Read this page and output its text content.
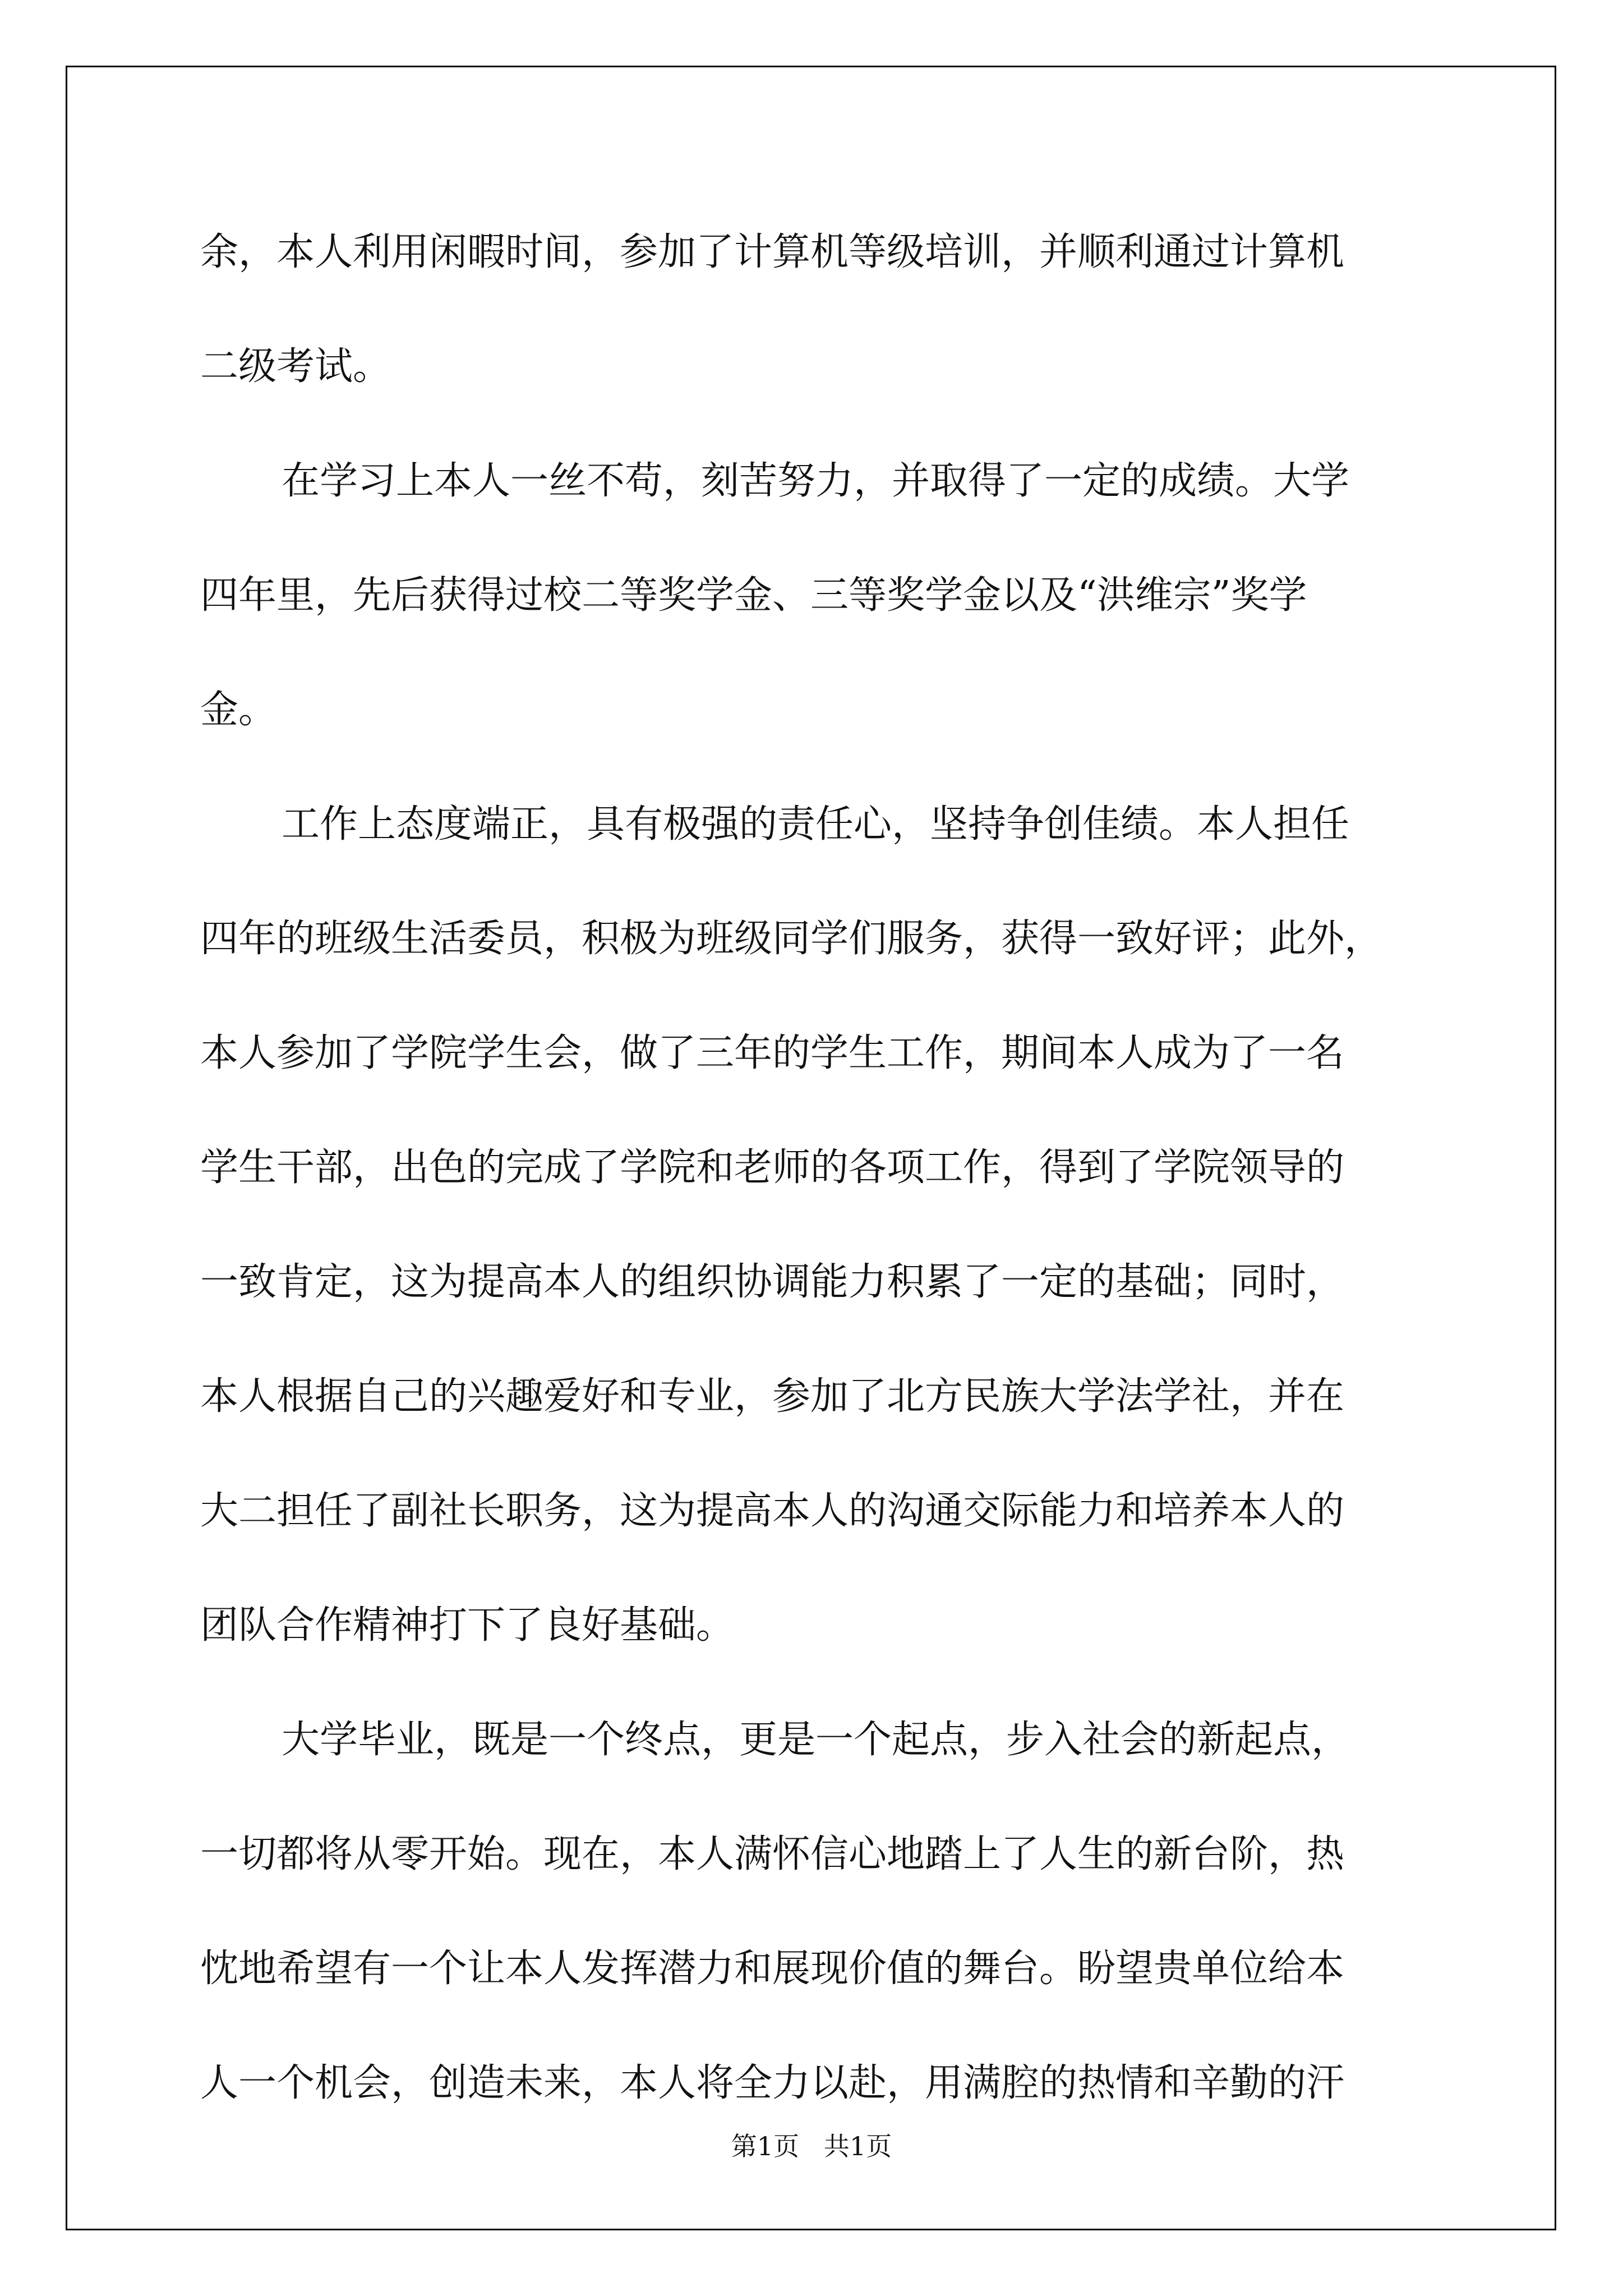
余，本人利用闲暇时间，参加了计算机等级培训，并顺利通过计算机
二级考试。
在学习上本人一丝不苟，刻苦努力，并取得了一定的成绩。大学
四年里，先后获得过校二等奖学金、三等奖学金以及“洪维宗”奖学
金。
工作上态度端正，具有极强的责任心，坚持争创佳绩。本人担任
四年的班级生活委员，积极为班级同学们服务，获得一致好评；此外，
本人参加了学院学生会，做了三年的学生工作，期间本人成为了一名
学生干部，出色的完成了学院和老师的各项工作，得到了学院领导的
一致肯定，这为提高本人的组织协调能力积累了一定的基础；同时，
本人根据自己的兴趣爱好和专业，参加了北方民族大学法学社，并在
大二担任了副社长职务，这为提高本人的沟通交际能力和培养本人的
团队合作精神打下了良好基础。
大学毕业，既是一个终点，更是一个起点，步入社会的新起点，
一切都将从零开始。现在，本人满怀信心地踏上了人生的新台阶，热
忱地希望有一个让本人发挥潜力和展现价值的舞台。盼望贵单位给本
人一个机会，创造未来，本人将全力以赴，用满腔的热情和辛勤的汗
第1页   共1页
